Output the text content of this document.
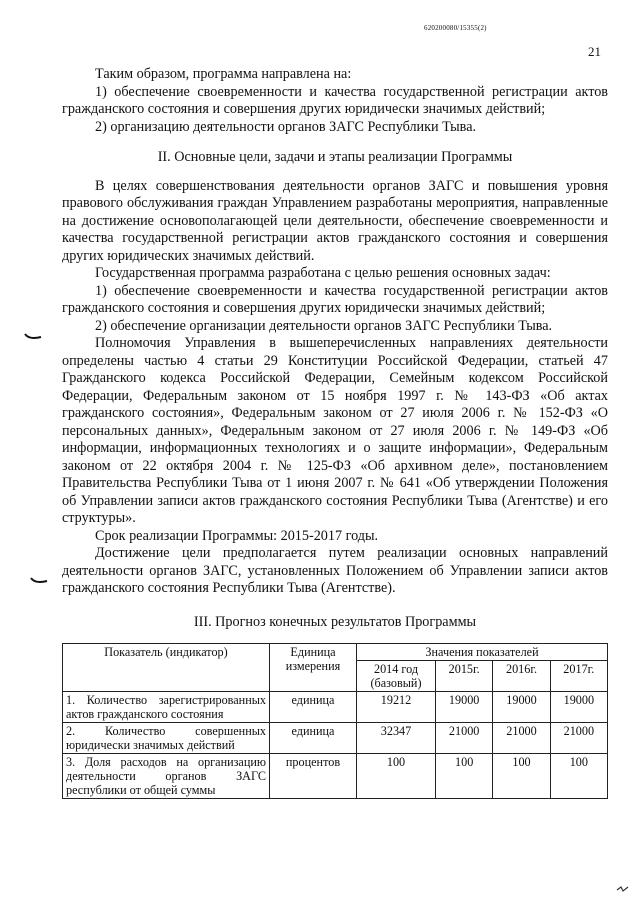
620200080/15355(2)
21

Таким образом, программа направлена на:

1) обеспечение своевременности и качества государственной регистрации актов гражданского состояния и совершения других юридически значимых действий;

2) организацию деятельности органов ЗАГС Республики Тыва.

II. Основные цели, задачи и этапы реализации Программы

В целях совершенствования деятельности органов ЗАГС и повышения уровня правового обслуживания граждан Управлением разработаны мероприятия, направленные на достижение основополагающей цели деятельности, обеспечение своевременности и качества государственной регистрации актов гражданского состояния и совершения других юридических значимых действий.

Государственная программа разработана с целью решения основных задач:

1) обеспечение своевременности и качества государственной регистрации актов гражданского состояния и совершения других юридически значимых действий;

2) обеспечение организации деятельности органов ЗАГС Республики Тыва.

Полномочия Управления в вышеперечисленных направлениях деятельности определены частью 4 статьи 29 Конституции Российской Федерации, статьей 47 Гражданского кодекса Российской Федерации, Семейным кодексом Российской Федерации, Федеральным законом от 15 ноября 1997 г. № 143-ФЗ «Об актах гражданского состояния», Федеральным законом от 27 июля 2006 г. № 152-ФЗ «О персональных данных», Федеральным законом от 27 июля 2006 г. № 149-ФЗ «Об информации, информационных технологиях и о защите информации», Федеральным законом от 22 октября 2004 г. № 125-ФЗ «Об архивном деле», постановлением Правительства Республики Тыва от 1 июня 2007 г. № 641 «Об утверждении Положения об Управлении записи актов гражданского состояния Республики Тыва (Агентстве) и его структуры».

Срок реализации Программы: 2015-2017 годы.

Достижение цели предполагается путем реализации основных направлений деятельности органов ЗАГС, установленных Положением об Управлении записи актов гражданского состояния Республики Тыва (Агентстве).

III. Прогноз конечных результатов Программы
Показатель (индикатор)	Единица измерения	Значения показателей			
		2014 год (базовый)	2015г.	2016г.	2017г.
1. Количество зарегистрированных актов гражданского состояния	единица	19212	19000	19000	19000
2. Количество совершенных юридически значимых действий	единица	32347	21000	21000	21000
3. Доля расходов на организацию деятельности органов ЗАГС республики от общей суммы	процентов	100	100	100	100
